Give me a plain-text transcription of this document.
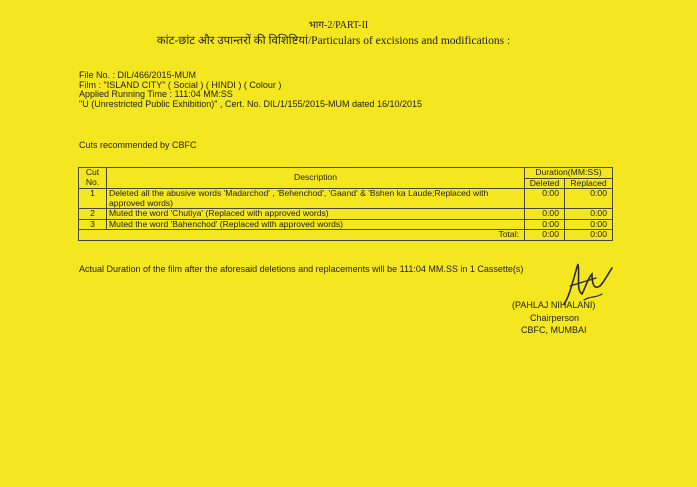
भाग-2/PART-II
कांट-छांट और उपान्तरों की विशिष्टियां/Particulars of excisions and modifications :
File No. : DIL/466/2015-MUM
Film : "ISLAND CITY" ( Social ) ( HINDI ) ( Colour )
Applied Running Time : 111:04 MM:SS
"U (Unrestricted Public Exhibition)" , Cert. No. DIL/1/155/2015-MUM dated 16/10/2015
Cuts recommended by CBFC
Cut No.	Description	Duration(MM:SS)	
		Deleted	Replaced
1	Deleted all the abusive words 'Madarchod' , 'Behenchod', 'Gaand' & 'Bshen ka Laude;Replaced with approved words)	0:00	0:00
2	Muted the word 'Chutiya' (Replaced with approved words)	0:00	0:00
3	Muted the word 'Bahenchod' (Replaced with approved words)	0:00	0:00
	Total:	0:00	0:00
Actual Duration of the film after the aforesaid deletions and replacements will be 111:04 MM.SS in 1 Cassette(s)
(PAHLAJ NIHALANI)
Chairperson
CBFC, MUMBAI
